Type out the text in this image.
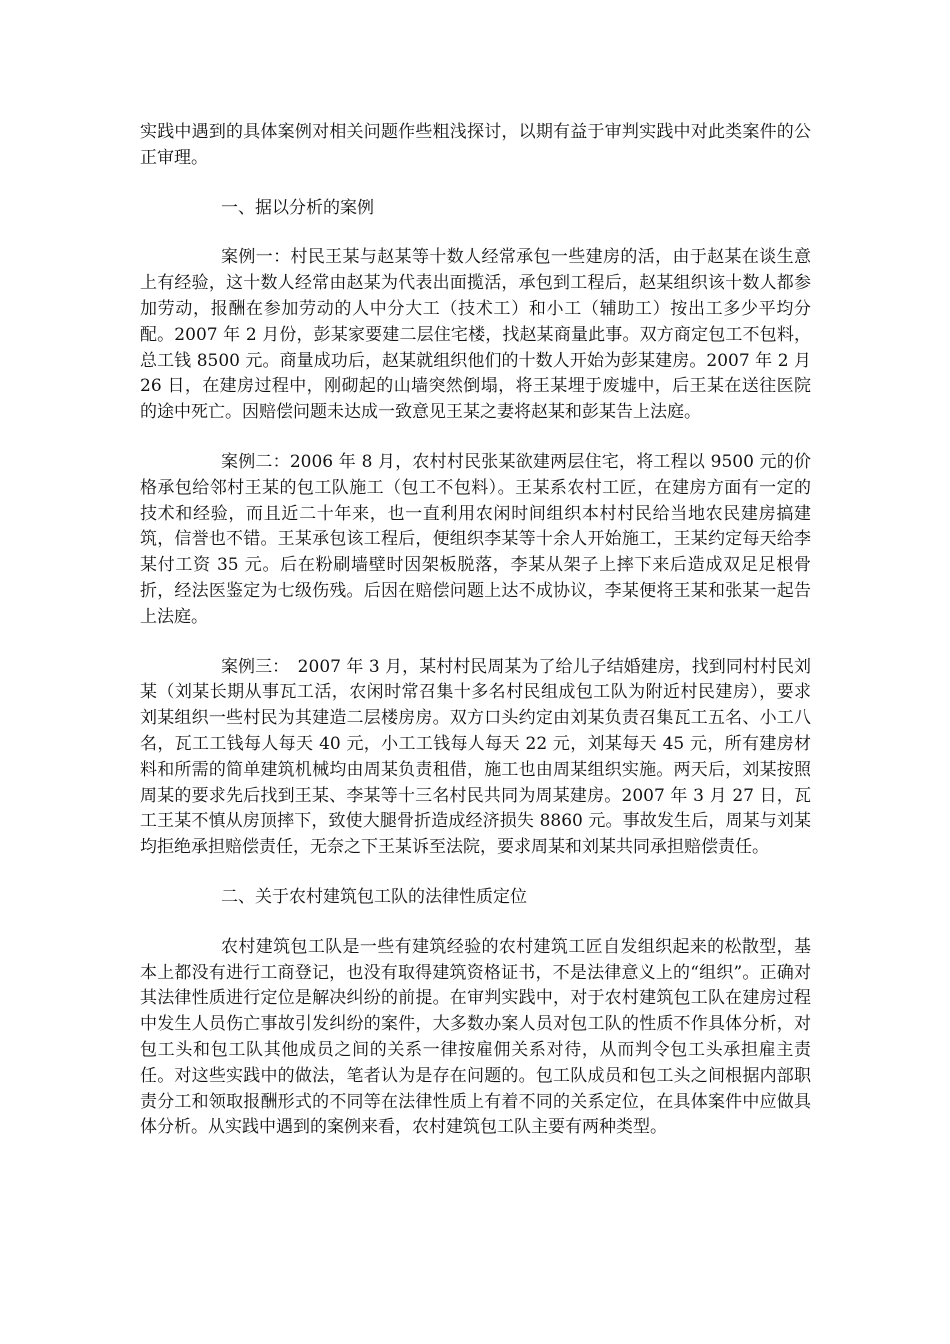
实践中遇到的具体案例对相关问题作些粗浅探讨，以期有益于审判实践中对此类案件的公正审理。

一、据以分析的案例

案例一：村民王某与赵某等十数人经常承包一些建房的活，由于赵某在谈生意上有经验，这十数人经常由赵某为代表出面揽活，承包到工程后，赵某组织该十数人都参加劳动，报酬在参加劳动的人中分大工（技术工）和小工（辅助工）按出工多少平均分配。2007 年 2 月份，彭某家要建二层住宅楼，找赵某商量此事。双方商定包工不包料，总工钱 8500 元。商量成功后，赵某就组织他们的十数人开始为彭某建房。2007 年 2 月 26 日，在建房过程中，刚砌起的山墙突然倒塌，将王某埋于废墟中，后王某在送往医院的途中死亡。因赔偿问题未达成一致意见王某之妻将赵某和彭某告上法庭。

案例二：2006 年 8 月，农村村民张某欲建两层住宅，将工程以 9500 元的价格承包给邻村王某的包工队施工（包工不包料）。王某系农村工匠，在建房方面有一定的技术和经验，而且近二十年来，也一直利用农闲时间组织本村村民给当地农民建房搞建筑，信誉也不错。王某承包该工程后，便组织李某等十余人开始施工，王某约定每天给李某付工资 35 元。后在粉刷墙壁时因架板脱落，李某从架子上摔下来后造成双足足根骨折，经法医鉴定为七级伤残。后因在赔偿问题上达不成协议，李某便将王某和张某一起告上法庭。

案例三：　2007 年 3 月，某村村民周某为了给儿子结婚建房，找到同村村民刘某（刘某长期从事瓦工活，农闲时常召集十多名村民组成包工队为附近村民建房），要求刘某组织一些村民为其建造二层楼房房。双方口头约定由刘某负责召集瓦工五名、小工八名，瓦工工钱每人每天 40 元，小工工钱每人每天 22 元，刘某每天 45 元，所有建房材料和所需的简单建筑机械均由周某负责租借，施工也由周某组织实施。两天后，刘某按照周某的要求先后找到王某、李某等十三名村民共同为周某建房。2007 年 3 月 27 日，瓦工王某不慎从房顶摔下，致使大腿骨折造成经济损失 8860 元。事故发生后，周某与刘某均拒绝承担赔偿责任，无奈之下王某诉至法院，要求周某和刘某共同承担赔偿责任。

二、关于农村建筑包工队的法律性质定位

农村建筑包工队是一些有建筑经验的农村建筑工匠自发组织起来的松散型，基本上都没有进行工商登记，也没有取得建筑资格证书，不是法律意义上的“组织”。正确对其法律性质进行定位是解决纠纷的前提。在审判实践中，对于农村建筑包工队在建房过程中发生人员伤亡事故引发纠纷的案件，大多数办案人员对包工队的性质不作具体分析，对包工头和包工队其他成员之间的关系一律按雇佣关系对待，从而判令包工头承担雇主责任。对这些实践中的做法，笔者认为是存在问题的。包工队成员和包工头之间根据内部职责分工和领取报酬形式的不同等在法律性质上有着不同的关系定位，在具体案件中应做具体分析。从实践中遇到的案例来看，农村建筑包工队主要有两种类型。
